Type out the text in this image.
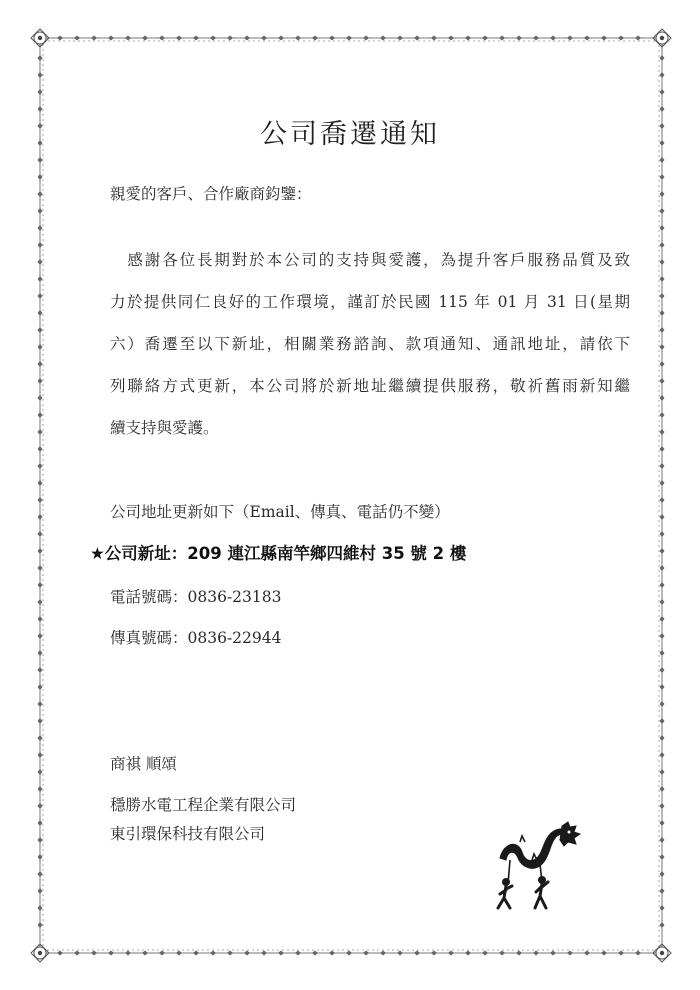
公司喬遷通知
親愛的客戶、合作廠商鈞鑒：
　感謝各位長期對於本公司的支持與愛護，為提升客戶服務品質及致
力於提供同仁良好的工作環境，謹訂於民國 115 年 01 月 31 日(星期
六）喬遷至以下新址，相關業務諮詢、款項通知、通訊地址，請依下
列聯絡方式更新，本公司將於新地址繼續提供服務，敬祈舊雨新知繼
續支持與愛護。
公司地址更新如下（Email、傳真、電話仍不變）
★公司新址：209 連江縣南竿鄉四維村 35 號 2 樓
電話號碼：0836-23183
傳真號碼：0836-22944
商祺 順頌
穩勝水電工程企業有限公司
東引環保科技有限公司
